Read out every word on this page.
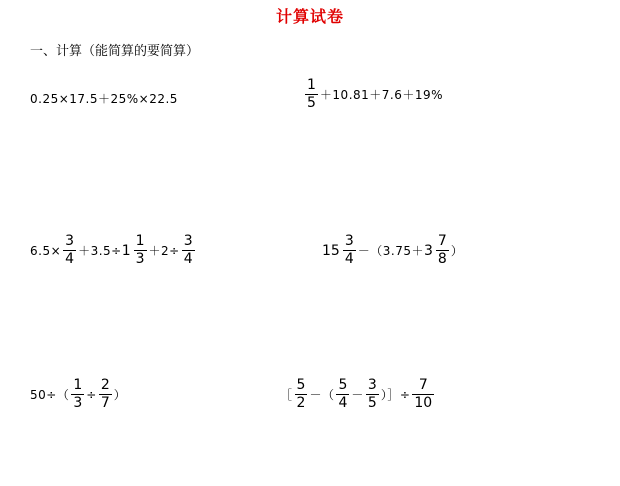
计算试卷
一、计算（能简算的要简算）
0.25×17.5＋25%×22.5	$\frac{1}{5} +10.81+7.6+19\%$
$6.5\times \frac{3}{4} +3.5\div 1 \frac{1}{3} +2\div \frac{3}{4}$	$15 \frac{3}{4} -(3.75+ 3 \frac{7}{8}$ ）
$50\div( \frac{1}{3} \div \frac{2}{7}$ ）	［ $\frac{5}{2}$ －（ $\frac{5}{4} - \frac{3}{5}$ ）］÷ $\frac{7}{10}$
